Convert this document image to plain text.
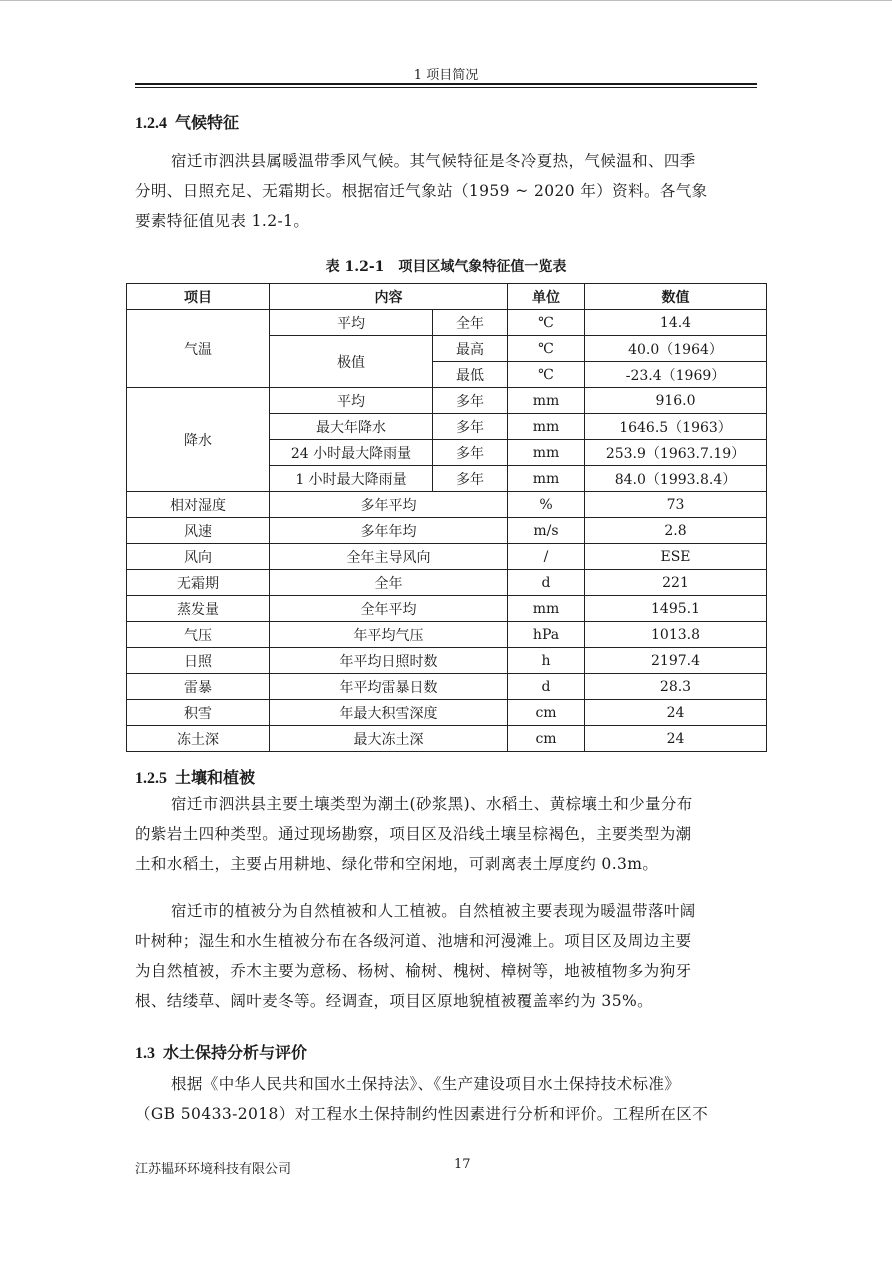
1 项目简况
1.2.4 气候特征
宿迁市泗洪县属暖温带季风气候。其气候特征是冬冷夏热，气候温和、四季
分明、日照充足、无霜期长。根据宿迁气象站（1959 ~ 2020 年）资料。各气象
要素特征值见表 1.2-1。
表 1.2-1　项目区域气象特征值一览表
项目	内容		单位	数值
气温	平均	全年	℃	14.4
	极值	最高	℃	40.0（1964）
		最低	℃	-23.4（1969）
降水	平均	多年	mm	916.0
	最大年降水	多年	mm	1646.5（1963）
	24 小时最大降雨量	多年	mm	253.9（1963.7.19）
	1 小时最大降雨量	多年	mm	84.0（1993.8.4）
相对湿度	多年平均		%	73
风速	多年年均		m/s	2.8
风向	全年主导风向		/	ESE
无霜期	全年		d	221
蒸发量	全年平均		mm	1495.1
气压	年平均气压		hPa	1013.8
日照	年平均日照时数		h	2197.4
雷暴	年平均雷暴日数		d	28.3
积雪	年最大积雪深度		cm	24
冻土深	最大冻土深		cm	24
1.2.5 土壤和植被
宿迁市泗洪县主要土壤类型为潮土(砂浆黑)、水稻土、黄棕壤土和少量分布
的紫岩土四种类型。通过现场勘察，项目区及沿线土壤呈棕褐色，主要类型为潮
土和水稻土，主要占用耕地、绿化带和空闲地，可剥离表土厚度约 0.3m。
宿迁市的植被分为自然植被和人工植被。自然植被主要表现为暖温带落叶阔
叶树种；湿生和水生植被分布在各级河道、池塘和河漫滩上。项目区及周边主要
为自然植被，乔木主要为意杨、杨树、榆树、槐树、樟树等，地被植物多为狗牙
根、结缕草、阔叶麦冬等。经调查，项目区原地貌植被覆盖率约为 35%。
1.3 水土保持分析与评价
根据《中华人民共和国水土保持法》、《生产建设项目水土保持技术标准》
（GB 50433-2018）对工程水土保持制约性因素进行分析和评价。工程所在区不
江苏韫环环境科技有限公司	17
